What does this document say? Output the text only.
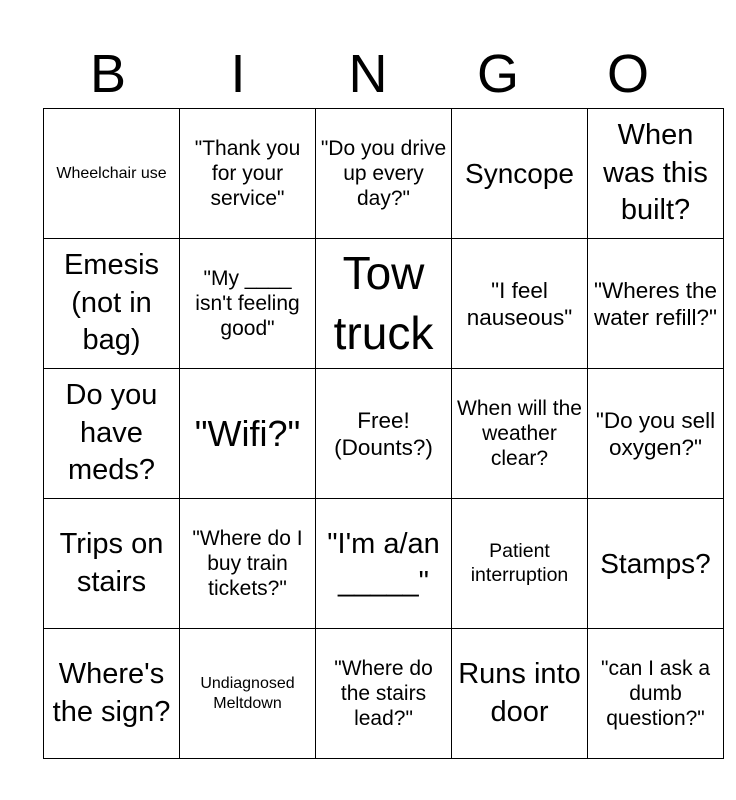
B	I	N	G	O
Wheelchair use	"Thank you for your service"	"Do you drive up every day?"	Syncope	When was this built?
Emesis (not in bag)	"My ____ isn't feeling good"	Tow truck	"I feel nauseous"	"Wheres the water refill?"
Do you have meds?	"Wifi?"	Free! (Dounts?)	When will the weather clear?	"Do you sell oxygen?"
Trips on stairs	"Where do I buy train tickets?"	"I'm a/an _____"	Patient interruption	Stamps?
Where's the sign?	Undiagnosed Meltdown	"Where do the stairs lead?"	Runs into door	"can I ask a dumb question?"
